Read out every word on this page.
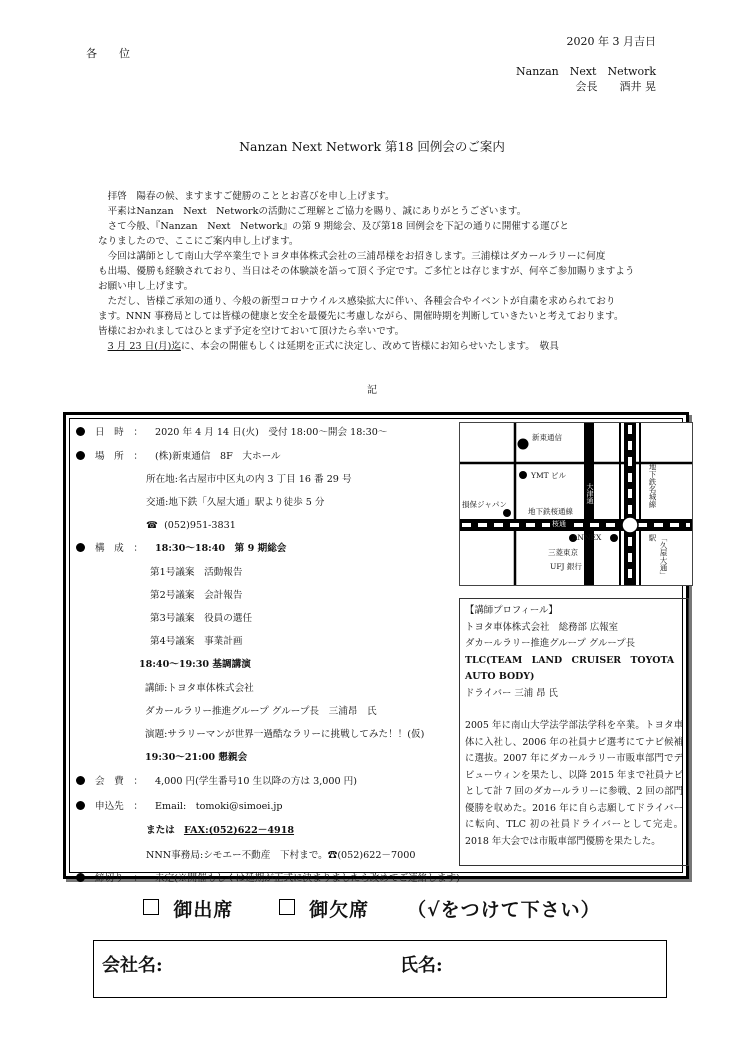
2020 年 3 月吉日
各　　位
Nanzan　Next　Network
会長　　酒井 晃
Nanzan Next Network 第18 回例会のご案内

　拝啓　陽春の候、ますますご健勝のこととお喜びを申し上げます。

　平素はNanzan　Next　Networkの活動にご理解とご協力を賜り、誠にありがとうございます。

　さて今般、『Nanzan　Next　Network』の第 9 期総会、及び第18 回例会を下記の通りに開催する運びと

なりましたので、ここにご案内申し上げます。

　今回は講師として南山大学卒業生でトヨタ車体株式会社の三浦昂様をお招きします。三浦様はダカールラリーに何度

も出場、優勝も経験されており、当日はその体験談を語って頂く予定です。ご多忙とは存じますが、何卒ご参加賜りますよう

お願い申し上げます。

　ただし、皆様ご承知の通り、今般の新型コロナウイルス感染拡大に伴い、各種会合やイベントが自粛を求められており

ます。NNN 事務局としては皆様の健康と安全を最優先に考慮しながら、開催時期を判断していきたいと考えております。

皆様におかれましてはひとまず予定を空けておいて頂けたら幸いです。

　3 月 23 日(月)迄に、本会の開催もしくは延期を正式に決定し、改めて皆様にお知らせいたします。　敬具

記
日　時　： 2020 年 4 月 14 日(火)　受付 18:00～開会 18:30～
場　所　： (株)新東通信　8F　大ホール
所在地:名古屋市中区丸の内 3 丁目 16 番 29 号
交通:地下鉄「久屋大通」駅より徒歩 5 分
☎ (052)951-3831
構　成　： 18:30～18:40　第 9 期総会
第1号議案　活動報告
第2号議案　会計報告
第3号議案　役員の選任
第4号議案　事業計画
18:40～19:30 基調講演
講師:トヨタ車体株式会社
ダカールラリー推進グループ グループ長　三浦昂　氏
演題:サラリーマンが世界一過酷なラリーに挑戦してみた！！(仮)
19:30～21:00 懇親会
会　費　： 4,000 円(学生番号10 生以降の方は 3,000 円)
申込先　： Email:　tomoki@simoei.jp
または FAX:(052)622－4918
NNN事務局:シモエー不動産　下村まで。☎(052)622－7000
締切り　： 未定(※開催もしくは延期が正式に決まりましたら改めてご連絡します)
新東通信
YMT ビル
損保ジャパン
地下鉄桜通線
大津通
桜通
地下鉄名城線
ANNEX
三菱東京
UFJ 銀行	「久屋大通」駅

【講師プロフィール】

トヨタ車体株式会社　総務部 広報室

ダカールラリー推進グループ グループ長

TLC(TEAM　LAND　CRUISER　TOYOTA

AUTO BODY)

ドライバー 三浦 昂 氏

2005 年に南山大学法学部法学科を卒業。トヨタ車体に入社し、2006 年の社員ナビ選考にてナビ候補に選抜。2007 年にダカールラリー市販車部門でデビューウィンを果たし、以降 2015 年まで社員ナビとして計 7 回のダカールラリーに参戦、2 回の部門優勝を収めた。2016 年に自ら志願してドライバーに転向、TLC 初の社員ドライバーとして完走。2018 年大会では市販車部門優勝を果たした。

御出席	御欠席 （√をつけて下さい）
会社名:	氏名:
